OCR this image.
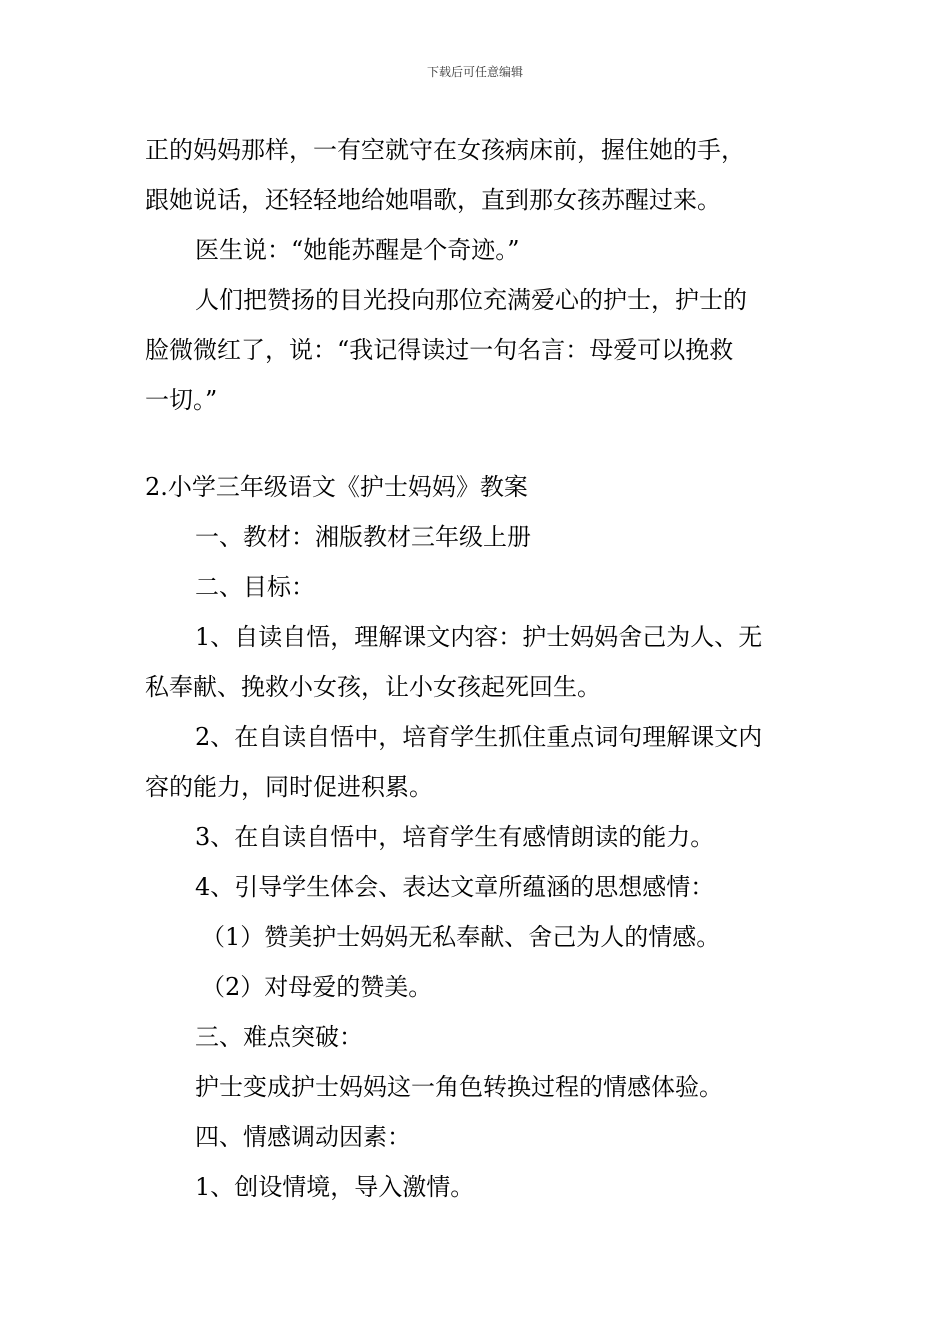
下载后可任意编辑
正的妈妈那样，一有空就守在女孩病床前，握住她的手，
跟她说话，还轻轻地给她唱歌，直到那女孩苏醒过来。
医生说：“她能苏醒是个奇迹。”
人们把赞扬的目光投向那位充满爱心的护士，护士的
脸微微红了，说：“我记得读过一句名言：母爱可以挽救
一切。”
2.小学三年级语文《护士妈妈》教案
一、教材：湘版教材三年级上册
二、目标：
1、自读自悟，理解课文内容：护士妈妈舍己为人、无
私奉献、挽救小女孩，让小女孩起死回生。
2、在自读自悟中，培育学生抓住重点词句理解课文内
容的能力，同时促进积累。
3、在自读自悟中，培育学生有感情朗读的能力。
4、引导学生体会、表达文章所蕴涵的思想感情：
（1）赞美护士妈妈无私奉献、舍己为人的情感。
（2）对母爱的赞美。
三、难点突破：
护士变成护士妈妈这一角色转换过程的情感体验。
四、情感调动因素：
1、创设情境，导入激情。
